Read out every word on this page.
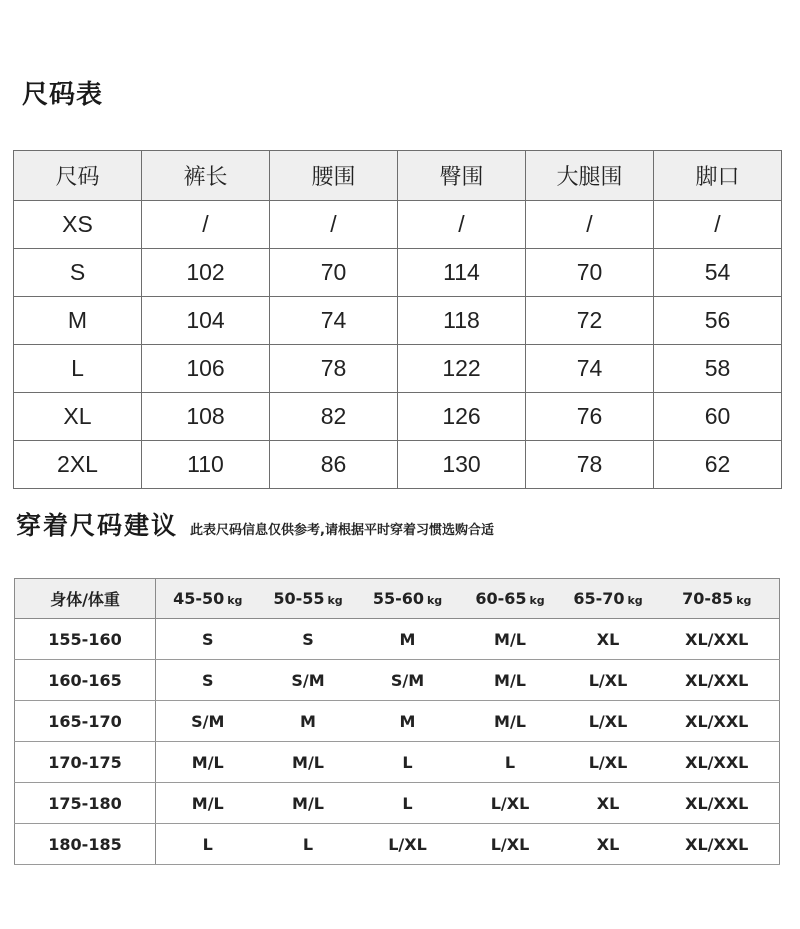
尺码表
尺码	裤长	腰围	臀围	大腿围	脚口
XS	/	/	/	/	/
S	102	70	114	70	54
M	104	74	118	72	56
L	106	78	122	74	58
XL	108	82	126	76	60
2XL	110	86	130	78	62
穿着尺码建议 此表尺码信息仅供参考,请根据平时穿着习惯选购合适
身体/体重	45-50 kg	50-55 kg	55-60 kg	60-65 kg	65-70 kg	70-85 kg
155-160	S	S	M	M/L	XL	XL/XXL
160-165	S	S/M	S/M	M/L	L/XL	XL/XXL
165-170	S/M	M	M	M/L	L/XL	XL/XXL
170-175	M/L	M/L	L	L	L/XL	XL/XXL
175-180	M/L	M/L	L	L/XL	XL	XL/XXL
180-185	L	L	L/XL	L/XL	XL	XL/XXL
